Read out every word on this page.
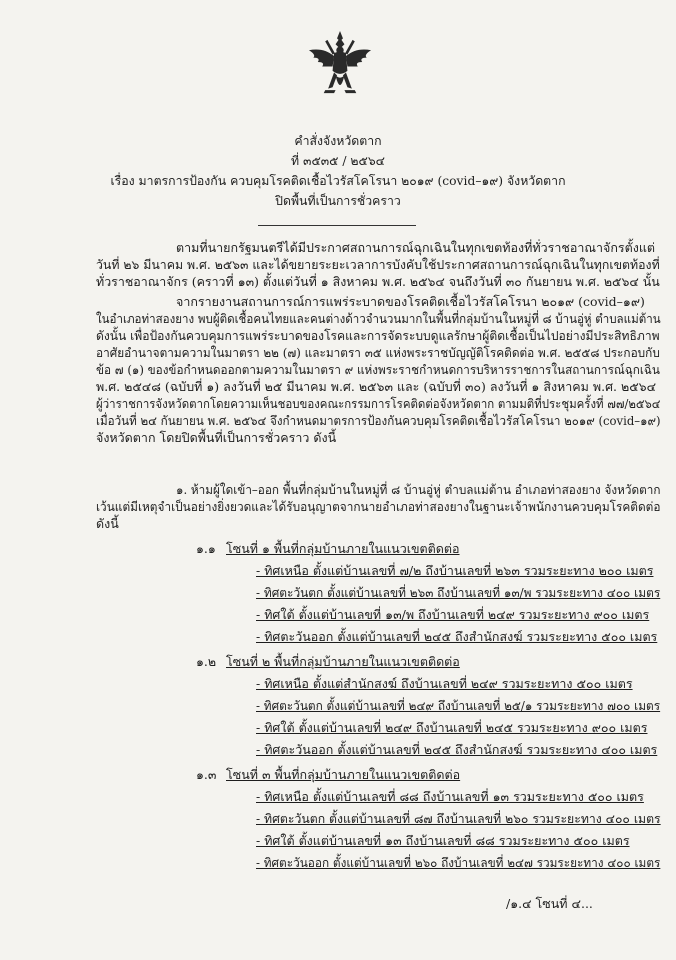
คำสั่งจังหวัดตาก
ที่ ๓๕๓๕ / ๒๕๖๔
เรื่อง มาตรการป้องกัน ควบคุมโรคติดเชื้อไวรัสโคโรนา ๒๐๑๙ (covid–๑๙) จังหวัดตาก
ปิดพื้นที่เป็นการชั่วคราว
ตามที่นายกรัฐมนตรีได้มีประกาศสถานการณ์ฉุกเฉินในทุกเขตท้องที่ทั่วราชอาณาจักรตั้งแต่
วันที่ ๒๖ มีนาคม พ.ศ. ๒๕๖๓ และได้ขยายระยะเวลาการบังคับใช้ประกาศสถานการณ์ฉุกเฉินในทุกเขตท้องที่
ทั่วราชอาณาจักร (คราวที่ ๑๓) ตั้งแต่วันที่ ๑ สิงหาคม พ.ศ. ๒๕๖๔ จนถึงวันที่ ๓๐ กันยายน พ.ศ. ๒๕๖๔ นั้น
จากรายงานสถานการณ์การแพร่ระบาดของโรคติดเชื้อไวรัสโคโรนา ๒๐๑๙ (covid–๑๙)
ในอำเภอท่าสองยาง พบผู้ติดเชื้อคนไทยและคนต่างด้าวจำนวนมากในพื้นที่กลุ่มบ้านในหมู่ที่ ๘ บ้านอู่หู่ ตำบลแม่ต้าน
ดังนั้น เพื่อป้องกันควบคุมการแพร่ระบาดของโรคและการจัดระบบดูแลรักษาผู้ติดเชื้อเป็นไปอย่างมีประสิทธิภาพ
อาศัยอำนาจตามความในมาตรา ๒๒ (๗) และมาตรา ๓๕ แห่งพระราชบัญญัติโรคติดต่อ พ.ศ. ๒๕๕๘ ประกอบกับ
ข้อ ๗ (๑) ของข้อกำหนดออกตามความในมาตรา ๙ แห่งพระราชกำหนดการบริหารราชการในสถานการณ์ฉุกเฉิน
พ.ศ. ๒๕๔๘ (ฉบับที่ ๑) ลงวันที่ ๒๕ มีนาคม พ.ศ. ๒๕๖๓ และ (ฉบับที่ ๓๐) ลงวันที่ ๑ สิงหาคม พ.ศ. ๒๕๖๔
ผู้ว่าราชการจังหวัดตากโดยความเห็นชอบของคณะกรรมการโรคติดต่อจังหวัดตาก ตามมติที่ประชุมครั้งที่ ๗๗/๒๕๖๔
เมื่อวันที่ ๒๔ กันยายน พ.ศ. ๒๕๖๔ จึงกำหนดมาตรการป้องกันควบคุมโรคติดเชื้อไวรัสโคโรนา ๒๐๑๙ (covid–๑๙)
จังหวัดตาก โดยปิดพื้นที่เป็นการชั่วคราว ดังนี้
๑. ห้ามผู้ใดเข้า–ออก พื้นที่กลุ่มบ้านในหมู่ที่ ๘ บ้านอู่หู่ ตำบลแม่ต้าน อำเภอท่าสองยาง จังหวัดตาก
เว้นแต่มีเหตุจำเป็นอย่างยิ่งยวดและได้รับอนุญาตจากนายอำเภอท่าสองยางในฐานะเจ้าพนักงานควบคุมโรคติดต่อ
ดังนี้
๑.๑ โซนที่ ๑ พื้นที่กลุ่มบ้านภายในแนวเขตติดต่อ
- ทิศเหนือ ตั้งแต่บ้านเลขที่ ๗/๒ ถึงบ้านเลขที่ ๒๖๓ รวมระยะทาง ๒๐๐ เมตร
- ทิศตะวันตก ตั้งแต่บ้านเลขที่ ๒๖๓ ถึงบ้านเลขที่ ๑๓/พ รวมระยะทาง ๔๐๐ เมตร
- ทิศใต้ ตั้งแต่บ้านเลขที่ ๑๓/พ ถึงบ้านเลขที่ ๒๔๙ รวมระยะทาง ๙๐๐ เมตร
- ทิศตะวันออก ตั้งแต่บ้านเลขที่ ๒๔๕ ถึงสำนักสงฆ์ รวมระยะทาง ๕๐๐ เมตร
๑.๒ โซนที่ ๒ พื้นที่กลุ่มบ้านภายในแนวเขตติดต่อ
- ทิศเหนือ ตั้งแต่สำนักสงฆ์ ถึงบ้านเลขที่ ๒๔๙ รวมระยะทาง ๕๐๐ เมตร
- ทิศตะวันตก ตั้งแต่บ้านเลขที่ ๒๔๙ ถึงบ้านเลขที่ ๒๕/๑ รวมระยะทาง ๗๐๐ เมตร
- ทิศใต้ ตั้งแต่บ้านเลขที่ ๒๔๙ ถึงบ้านเลขที่ ๒๔๕ รวมระยะทาง ๙๐๐ เมตร
- ทิศตะวันออก ตั้งแต่บ้านเลขที่ ๒๔๕ ถึงสำนักสงฆ์ รวมระยะทาง ๔๐๐ เมตร
๑.๓ โซนที่ ๓ พื้นที่กลุ่มบ้านภายในแนวเขตติดต่อ
- ทิศเหนือ ตั้งแต่บ้านเลขที่ ๘๘ ถึงบ้านเลขที่ ๑๓ รวมระยะทาง ๕๐๐ เมตร
- ทิศตะวันตก ตั้งแต่บ้านเลขที่ ๘๗ ถึงบ้านเลขที่ ๒๖๐ รวมระยะทาง ๔๐๐ เมตร
- ทิศใต้ ตั้งแต่บ้านเลขที่ ๑๓ ถึงบ้านเลขที่ ๘๘ รวมระยะทาง ๕๐๐ เมตร
- ทิศตะวันออก ตั้งแต่บ้านเลขที่ ๒๖๐ ถึงบ้านเลขที่ ๒๔๗ รวมระยะทาง ๔๐๐ เมตร
/๑.๔ โซนที่ ๔...
